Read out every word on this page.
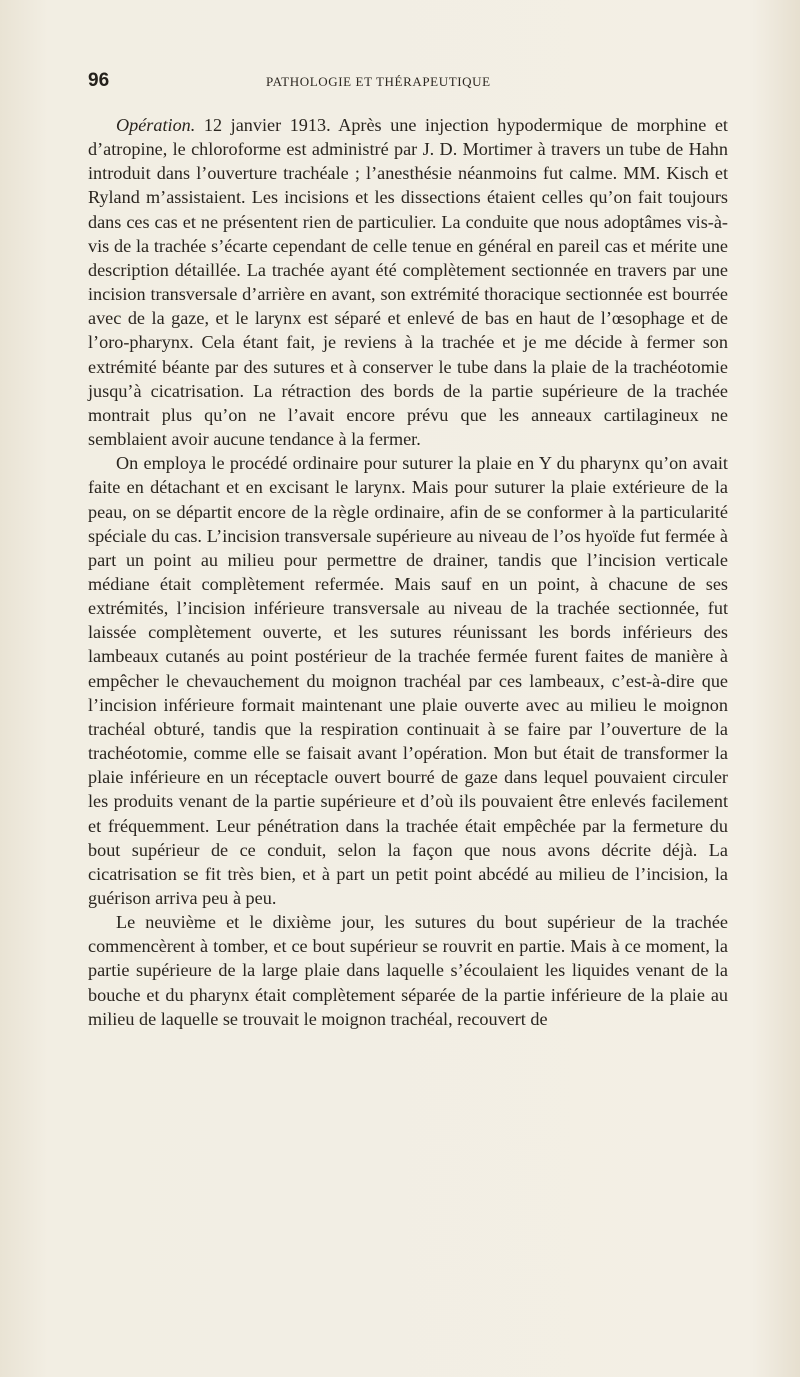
96	PATHOLOGIE ET THÉRAPEUTIQUE

Opération. 12 janvier 1913. Après une injection hypodermique de morphine et d’atropine, le chloroforme est administré par J. D. Mortimer à travers un tube de Hahn introduit dans l’ouverture trachéale ; l’anesthésie néanmoins fut calme. MM. Kisch et Ryland m’assistaient. Les incisions et les dissections étaient celles qu’on fait toujours dans ces cas et ne présentent rien de particulier. La conduite que nous adoptâmes vis-à-vis de la trachée s’écarte cependant de celle tenue en général en pareil cas et mérite une description détaillée. La trachée ayant été complètement sectionnée en travers par une incision transversale d’arrière en avant, son extrémité thoracique sectionnée est bourrée avec de la gaze, et le larynx est séparé et enlevé de bas en haut de l’œsophage et de l’oro-pharynx. Cela étant fait, je reviens à la trachée et je me décide à fermer son extrémité béante par des sutures et à conserver le tube dans la plaie de la trachéotomie jusqu’à cicatrisation. La rétraction des bords de la partie supérieure de la trachée montrait plus qu’on ne l’avait encore prévu que les anneaux cartilagineux ne semblaient avoir aucune tendance à la fermer.

On employa le procédé ordinaire pour suturer la plaie en Y du pharynx qu’on avait faite en détachant et en excisant le larynx. Mais pour suturer la plaie extérieure de la peau, on se départit encore de la règle ordinaire, afin de se conformer à la particularité spéciale du cas. L’incision transversale supérieure au niveau de l’os hyoïde fut fermée à part un point au milieu pour permettre de drainer, tandis que l’incision verticale médiane était complètement refermée. Mais sauf en un point, à chacune de ses extrémités, l’incision inférieure transversale au niveau de la trachée sectionnée, fut laissée complètement ouverte, et les sutures réunissant les bords inférieurs des lambeaux cutanés au point postérieur de la trachée fermée furent faites de manière à empêcher le chevauchement du moignon trachéal par ces lambeaux, c’est-à-dire que l’incision inférieure formait maintenant une plaie ouverte avec au milieu le moignon trachéal obturé, tandis que la respiration continuait à se faire par l’ouverture de la trachéotomie, comme elle se faisait avant l’opération. Mon but était de transformer la plaie inférieure en un réceptacle ouvert bourré de gaze dans lequel pouvaient circuler les produits venant de la partie supérieure et d’où ils pouvaient être enlevés facilement et fréquemment. Leur pénétration dans la trachée était empêchée par la fermeture du bout supérieur de ce conduit, selon la façon que nous avons décrite déjà. La cicatrisation se fit très bien, et à part un petit point abcédé au milieu de l’incision, la guérison arriva peu à peu.

Le neuvième et le dixième jour, les sutures du bout supérieur de la trachée commencèrent à tomber, et ce bout supérieur se rouvrit en partie. Mais à ce moment, la partie supérieure de la large plaie dans laquelle s’écoulaient les liquides venant de la bouche et du pharynx était complètement séparée de la partie inférieure de la plaie au milieu de laquelle se trouvait le moignon trachéal, recouvert de
